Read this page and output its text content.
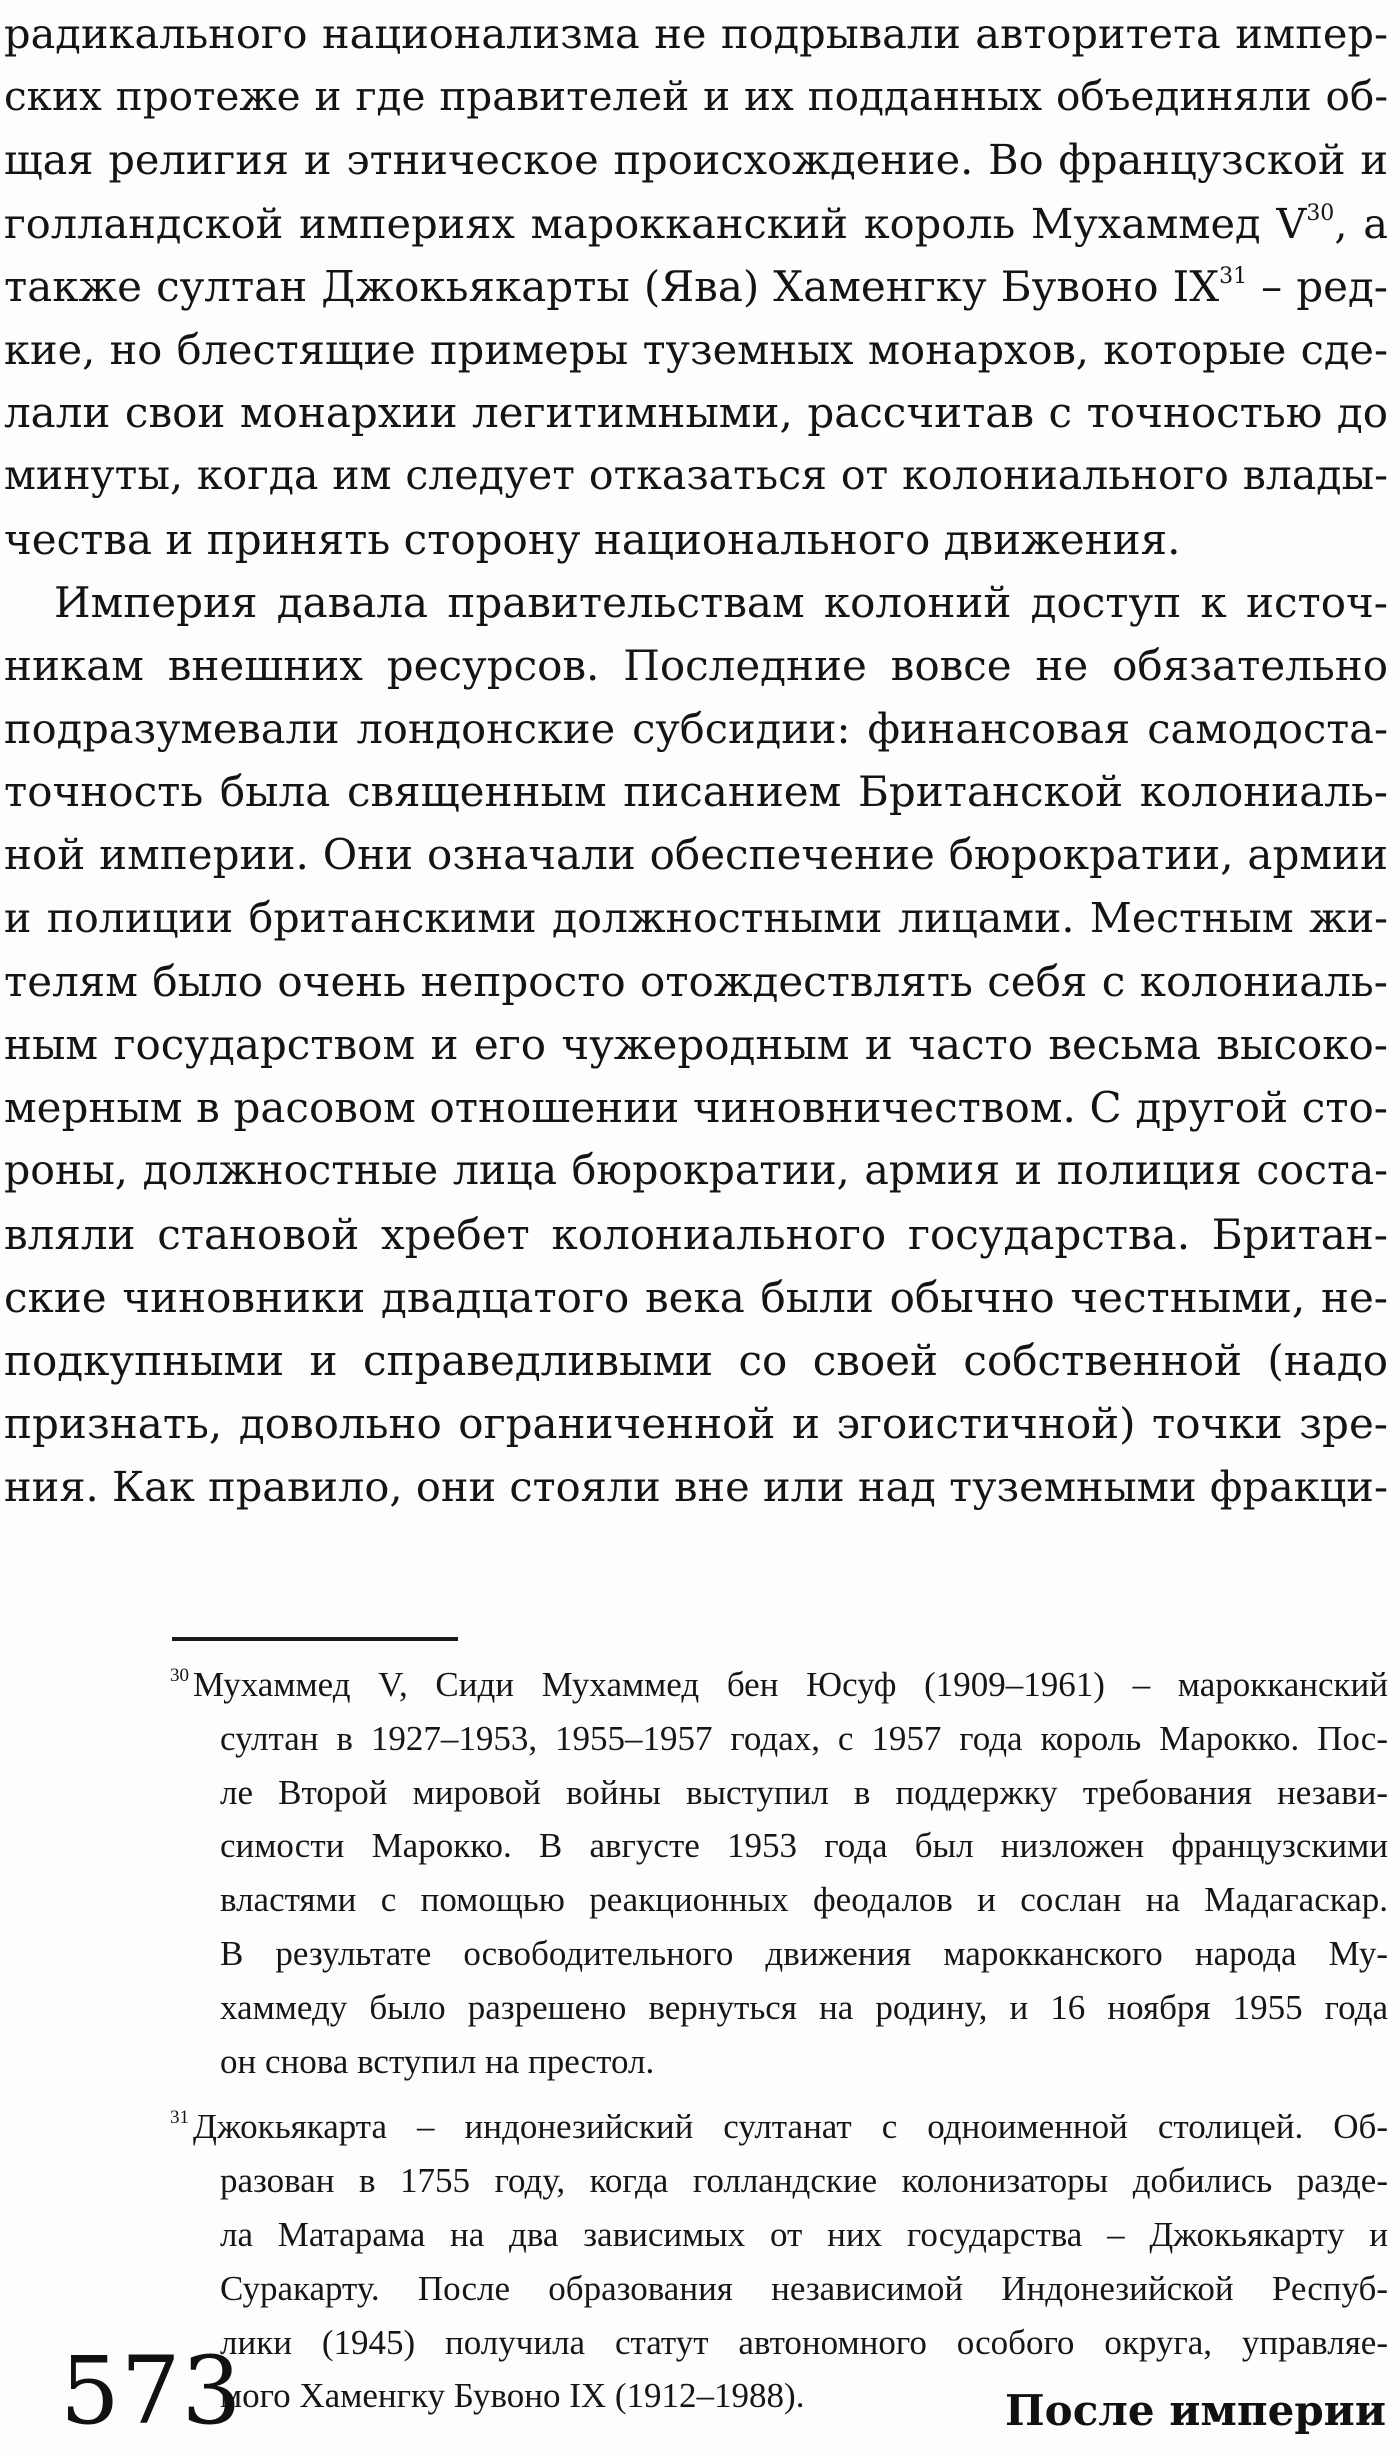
радикального национализма не подрывали авторитета импер-
ских протеже и где правителей и их подданных объединяли об-
щая религия и этническое происхождение. Во французской и
голландской империях марокканский король Мухаммед $V^{30}$, а
также султан Джокьякарты (Ява) Хаменгку Бувоно IX$^{31}$ – ред-
кие, но блестящие примеры туземных монархов, которые сде-
лали свои монархии легитимными, рассчитав с точностью до
минуты, когда им следует отказаться от колониального влады-
чества и принять сторону национального движения.
Империя давала правительствам колоний доступ к источ-
никам внешних ресурсов. Последние вовсе не обязательно
подразумевали лондонские субсидии: финансовая самодоста-
точность была священным писанием Британской колониаль-
ной империи. Они означали обеспечение бюрократии, армии
и полиции британскими должностными лицами. Местным жи-
телям было очень непросто отождествлять себя с колониаль-
ным государством и его чужеродным и часто весьма высоко-
мерным в расовом отношении чиновничеством. С другой сто-
роны, должностные лица бюрократии, армия и полиция соста-
вляли становой хребет колониального государства. Британ-
ские чиновники двадцатого века были обычно честными, не-
подкупными и справедливыми со своей собственной (надо
признать, довольно ограниченной и эгоистичной) точки зре-
ния. Как правило, они стояли вне или над туземными фракци-
$^{30}$ Мухаммед V, Сиди Мухаммед бен Юсуф (1909–1961) – марокканский
султан в 1927–1953, 1955–1957 годах, с 1957 года король Марокко. Пос-
ле Второй мировой войны выступил в поддержку требования незави-
симости Марокко. В августе 1953 года был низложен французскими
властями с помощью реакционных феодалов и сослан на Мадагаскар.
В результате освободительного движения марокканского народа Му-
хаммеду было разрешено вернуться на родину, и 16 ноября 1955 года
он снова вступил на престол.
$^{31}$ Джокьякарта – индонезийский султанат с одноименной столицей. Об-
разован в 1755 году, когда голландские колонизаторы добились разде-
ла Матарама на два зависимых от них государства – Джокьякарту и
Суракарту. После образования независимой Индонезийской Респуб-
лики (1945) получила статут автономного особого округа, управляе-
мого Хаменгку Бувоно IX (1912–1988).
573	После империи
